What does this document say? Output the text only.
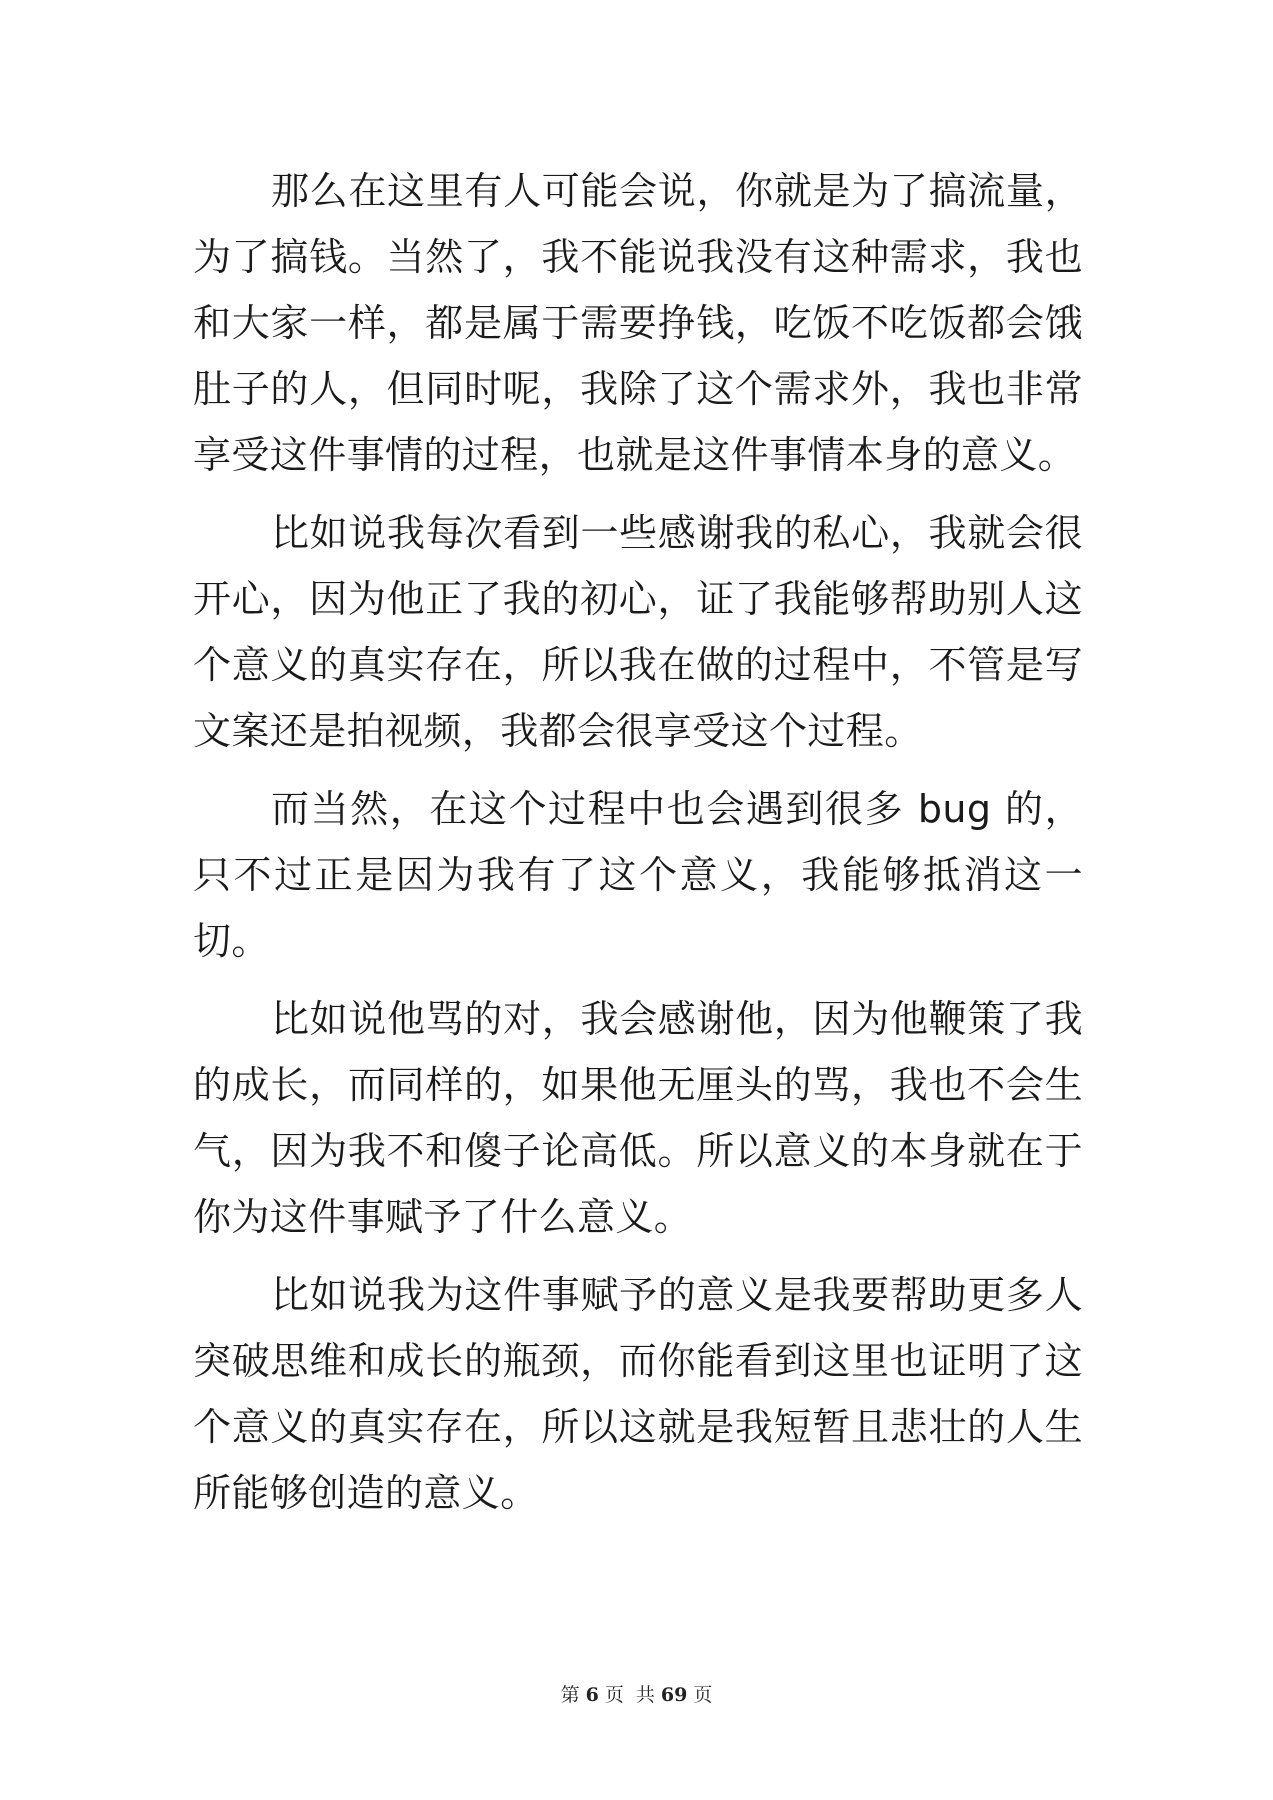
那么在这里有人可能会说，你就是为了搞流量，为了搞钱。当然了，我不能说我没有这种需求，我也和大家一样，都是属于需要挣钱，吃饭不吃饭都会饿肚子的人，但同时呢，我除了这个需求外，我也非常享受这件事情的过程，也就是这件事情本身的意义。

比如说我每次看到一些感谢我的私心，我就会很开心，因为他正了我的初心，证了我能够帮助别人这个意义的真实存在，所以我在做的过程中，不管是写文案还是拍视频，我都会很享受这个过程。

而当然，在这个过程中也会遇到很多 bug 的，只不过正是因为我有了这个意义，我能够抵消这一切。

比如说他骂的对，我会感谢他，因为他鞭策了我的成长，而同样的，如果他无厘头的骂，我也不会生气，因为我不和傻子论高低。所以意义的本身就在于你为这件事赋予了什么意义。

比如说我为这件事赋予的意义是我要帮助更多人突破思维和成长的瓶颈，而你能看到这里也证明了这个意义的真实存在，所以这就是我短暂且悲壮的人生所能够创造的意义。

第 6 页 共 69 页
